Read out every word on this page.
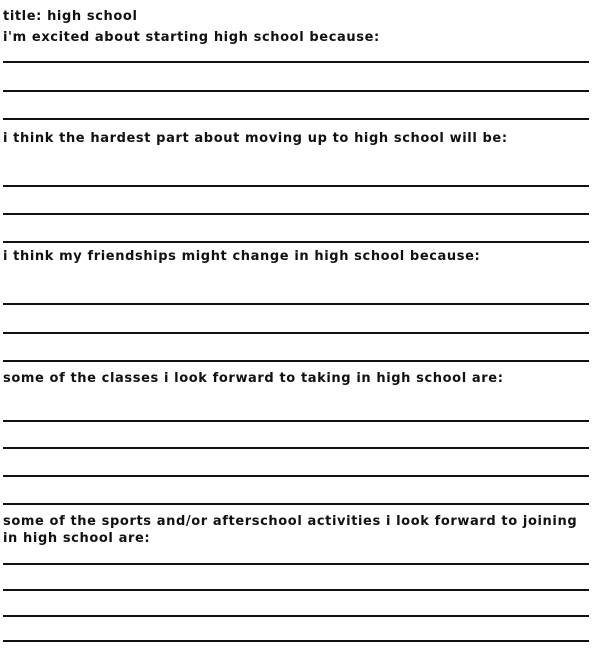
title: high school
i'm excited about starting high school because:
i think the hardest part about moving up to high school will be:
i think my friendships might change in high school because:
some of the classes i look forward to taking in high school are:
some of the sports and/or afterschool activities i look forward to joining in high school are:
